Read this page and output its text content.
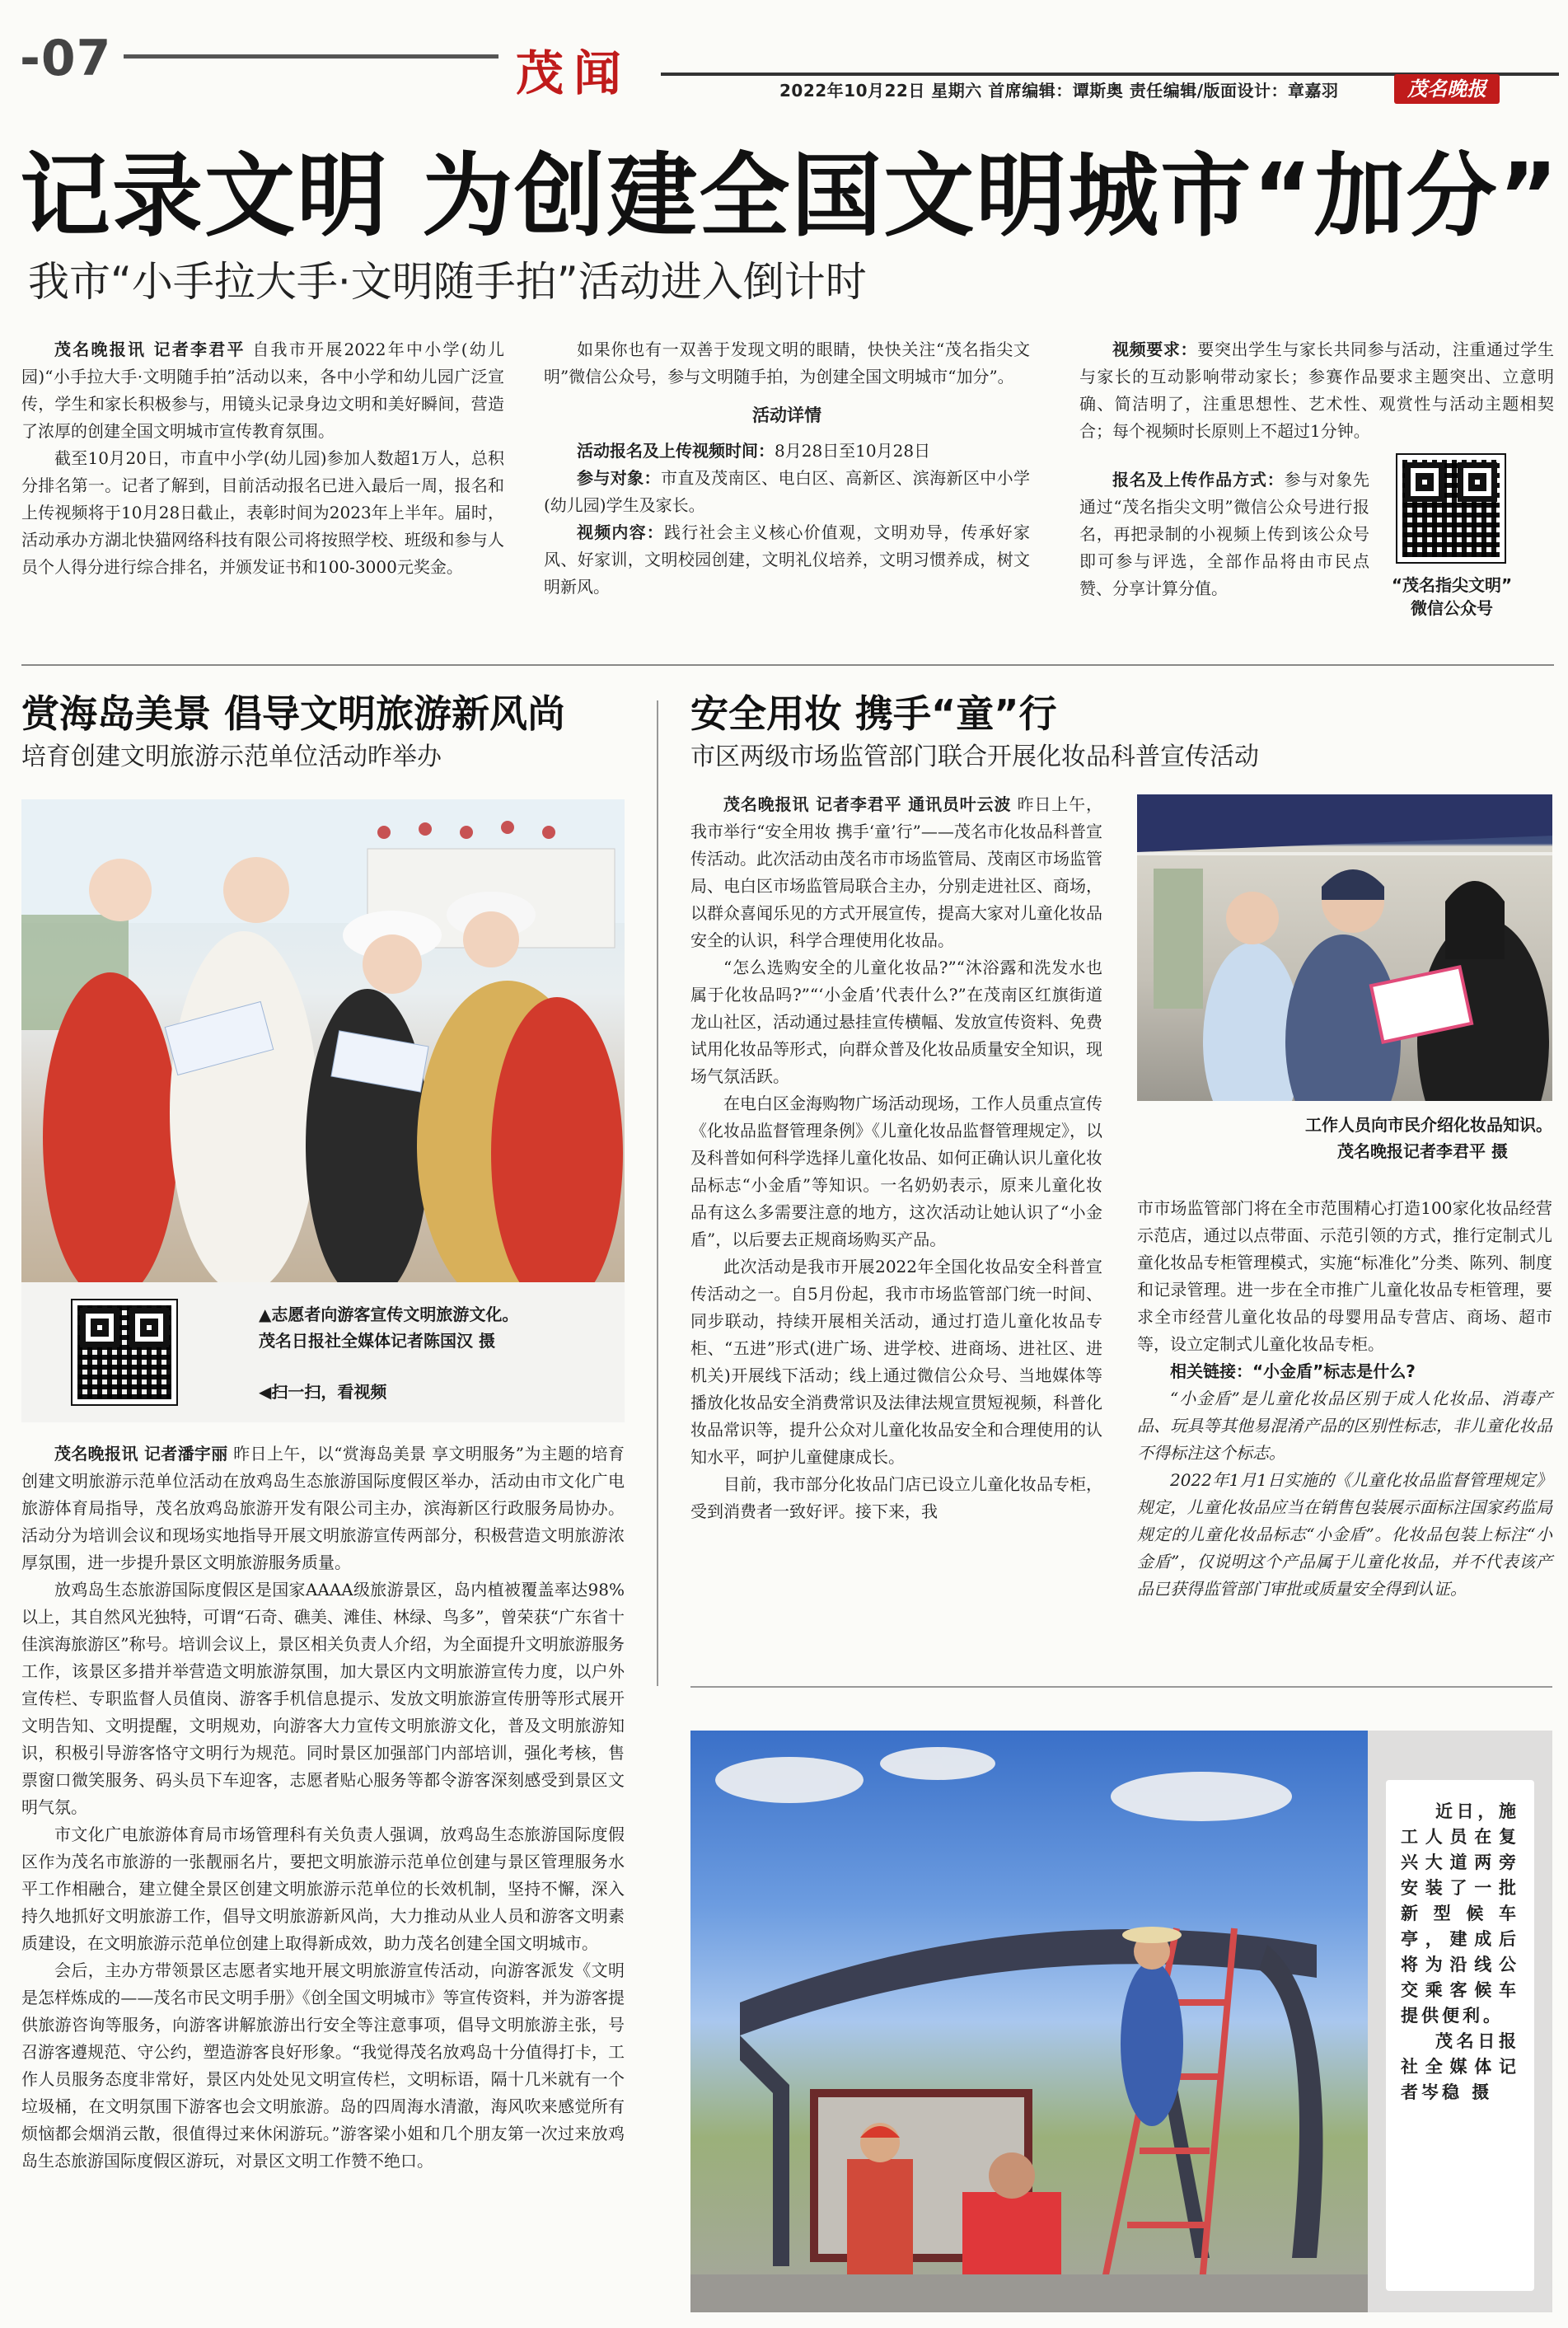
-07	茂闻	2022年10月22日 星期六 首席编辑：谭斯奥 责任编辑/版面设计：章嘉羽	茂名晚报
记录文明 为创建全国文明城市“加分”
我市“小手拉大手·文明随手拍”活动进入倒计时

茂名晚报讯 记者李君平 自我市开展2022年中小学(幼儿园)“小手拉大手·文明随手拍”活动以来，各中小学和幼儿园广泛宣传，学生和家长积极参与，用镜头记录身边文明和美好瞬间，营造了浓厚的创建全国文明城市宣传教育氛围。

截至10月20日，市直中小学(幼儿园)参加人数超1万人，总积分排名第一。记者了解到，目前活动报名已进入最后一周，报名和上传视频将于10月28日截止，表彰时间为2023年上半年。届时，活动承办方湖北快猫网络科技有限公司将按照学校、班级和参与人员个人得分进行综合排名，并颁发证书和100-3000元奖金。

如果你也有一双善于发现文明的眼睛，快快关注“茂名指尖文明”微信公众号，参与文明随手拍，为创建全国文明城市“加分”。

活动详情

活动报名及上传视频时间：8月28日至10月28日

参与对象：市直及茂南区、电白区、高新区、滨海新区中小学(幼儿园)学生及家长。

视频内容：践行社会主义核心价值观，文明劝导，传承好家风、好家训，文明校园创建，文明礼仪培养，文明习惯养成，树文明新风。

视频要求：要突出学生与家长共同参与活动，注重通过学生与家长的互动影响带动家长；参赛作品要求主题突出、立意明确、简洁明了，注重思想性、艺术性、观赏性与活动主题相契合；每个视频时长原则上不超过1分钟。

报名及上传作品方式：参与对象先通过“茂名指尖文明”微信公众号进行报名，再把录制的小视频上传到该公众号即可参与评选，全部作品将由市民点赞、分享计算分值。	“茂名指尖文明”
微信公众号
赏海岛美景 倡导文明旅游新风尚
培育创建文明旅游示范单位活动昨举办
▲志愿者向游客宣传文明旅游文化。
茂名日报社全媒体记者陈国汉 摄
◀扫一扫，看视频

茂名晚报讯 记者潘宇丽 昨日上午，以“赏海岛美景 享文明服务”为主题的培育创建文明旅游示范单位活动在放鸡岛生态旅游国际度假区举办，活动由市文化广电旅游体育局指导，茂名放鸡岛旅游开发有限公司主办，滨海新区行政服务局协办。活动分为培训会议和现场实地指导开展文明旅游宣传两部分，积极营造文明旅游浓厚氛围，进一步提升景区文明旅游服务质量。

放鸡岛生态旅游国际度假区是国家AAAA级旅游景区，岛内植被覆盖率达98%以上，其自然风光独特，可谓“石奇、礁美、滩佳、林绿、鸟多”，曾荣获“广东省十佳滨海旅游区”称号。培训会议上，景区相关负责人介绍，为全面提升文明旅游服务工作，该景区多措并举营造文明旅游氛围，加大景区内文明旅游宣传力度，以户外宣传栏、专职监督人员值岗、游客手机信息提示、发放文明旅游宣传册等形式展开文明告知、文明提醒，文明规劝，向游客大力宣传文明旅游文化，普及文明旅游知识，积极引导游客恪守文明行为规范。同时景区加强部门内部培训，强化考核，售票窗口微笑服务、码头员下车迎客，志愿者贴心服务等都令游客深刻感受到景区文明气氛。

市文化广电旅游体育局市场管理科有关负责人强调，放鸡岛生态旅游国际度假区作为茂名市旅游的一张靓丽名片，要把文明旅游示范单位创建与景区管理服务水平工作相融合，建立健全景区创建文明旅游示范单位的长效机制，坚持不懈，深入持久地抓好文明旅游工作，倡导文明旅游新风尚，大力推动从业人员和游客文明素质建设，在文明旅游示范单位创建上取得新成效，助力茂名创建全国文明城市。

会后，主办方带领景区志愿者实地开展文明旅游宣传活动，向游客派发《文明是怎样炼成的——茂名市民文明手册》《创全国文明城市》等宣传资料，并为游客提供旅游咨询等服务，向游客讲解旅游出行安全等注意事项，倡导文明旅游主张，号召游客遵规范、守公约，塑造游客良好形象。“我觉得茂名放鸡岛十分值得打卡，工作人员服务态度非常好，景区内处处见文明宣传栏，文明标语，隔十几米就有一个垃圾桶，在文明氛围下游客也会文明旅游。岛的四周海水清澈，海风吹来感觉所有烦恼都会烟消云散，很值得过来休闲游玩。”游客梁小姐和几个朋友第一次过来放鸡岛生态旅游国际度假区游玩，对景区文明工作赞不绝口。

安全用妆 携手“童”行
市区两级市场监管部门联合开展化妆品科普宣传活动

茂名晚报讯 记者李君平 通讯员叶云波 昨日上午，我市举行“安全用妆 携手‘童’行”——茂名市化妆品科普宣传活动。此次活动由茂名市市场监管局、茂南区市场监管局、电白区市场监管局联合主办，分别走进社区、商场，以群众喜闻乐见的方式开展宣传，提高大家对儿童化妆品安全的认识，科学合理使用化妆品。

“怎么选购安全的儿童化妆品?”“沐浴露和洗发水也属于化妆品吗?”“‘小金盾’代表什么?”在茂南区红旗街道龙山社区，活动通过悬挂宣传横幅、发放宣传资料、免费试用化妆品等形式，向群众普及化妆品质量安全知识，现场气氛活跃。

在电白区金海购物广场活动现场，工作人员重点宣传《化妆品监督管理条例》《儿童化妆品监督管理规定》，以及科普如何科学选择儿童化妆品、如何正确认识儿童化妆品标志“小金盾”等知识。一名奶奶表示，原来儿童化妆品有这么多需要注意的地方，这次活动让她认识了“小金盾”，以后要去正规商场购买产品。

此次活动是我市开展2022年全国化妆品安全科普宣传活动之一。自5月份起，我市市场监管部门统一时间、同步联动，持续开展相关活动，通过打造儿童化妆品专柜、“五进”形式(进广场、进学校、进商场、进社区、进机关)开展线下活动；线上通过微信公众号、当地媒体等播放化妆品安全消费常识及法律法规宣贯短视频，科普化妆品常识等，提升公众对儿童化妆品安全和合理使用的认知水平，呵护儿童健康成长。

目前，我市部分化妆品门店已设立儿童化妆品专柜，受到消费者一致好评。接下来，我

工作人员向市民介绍化妆品知识。
茂名晚报记者李君平 摄

市市场监管部门将在全市范围精心打造100家化妆品经营示范店，通过以点带面、示范引领的方式，推行定制式儿童化妆品专柜管理模式，实施“标准化”分类、陈列、制度和记录管理。进一步在全市推广儿童化妆品专柜管理，要求全市经营儿童化妆品的母婴用品专营店、商场、超市等，设立定制式儿童化妆品专柜。

相关链接：“小金盾”标志是什么?

“小金盾”是儿童化妆品区别于成人化妆品、消毒产品、玩具等其他易混淆产品的区别性标志，非儿童化妆品不得标注这个标志。

2022年1月1日实施的《儿童化妆品监督管理规定》规定，儿童化妆品应当在销售包装展示面标注国家药监局规定的儿童化妆品标志“小金盾”。化妆品包装上标注“小金盾”，仅说明这个产品属于儿童化妆品，并不代表该产品已获得监管部门审批或质量安全得到认证。

近日，施工人员在复兴大道两旁安装了一批新型候车亭，建成后将为沿线公交乘客候车提供便利。

茂名日报社全媒体记者岑稳 摄
